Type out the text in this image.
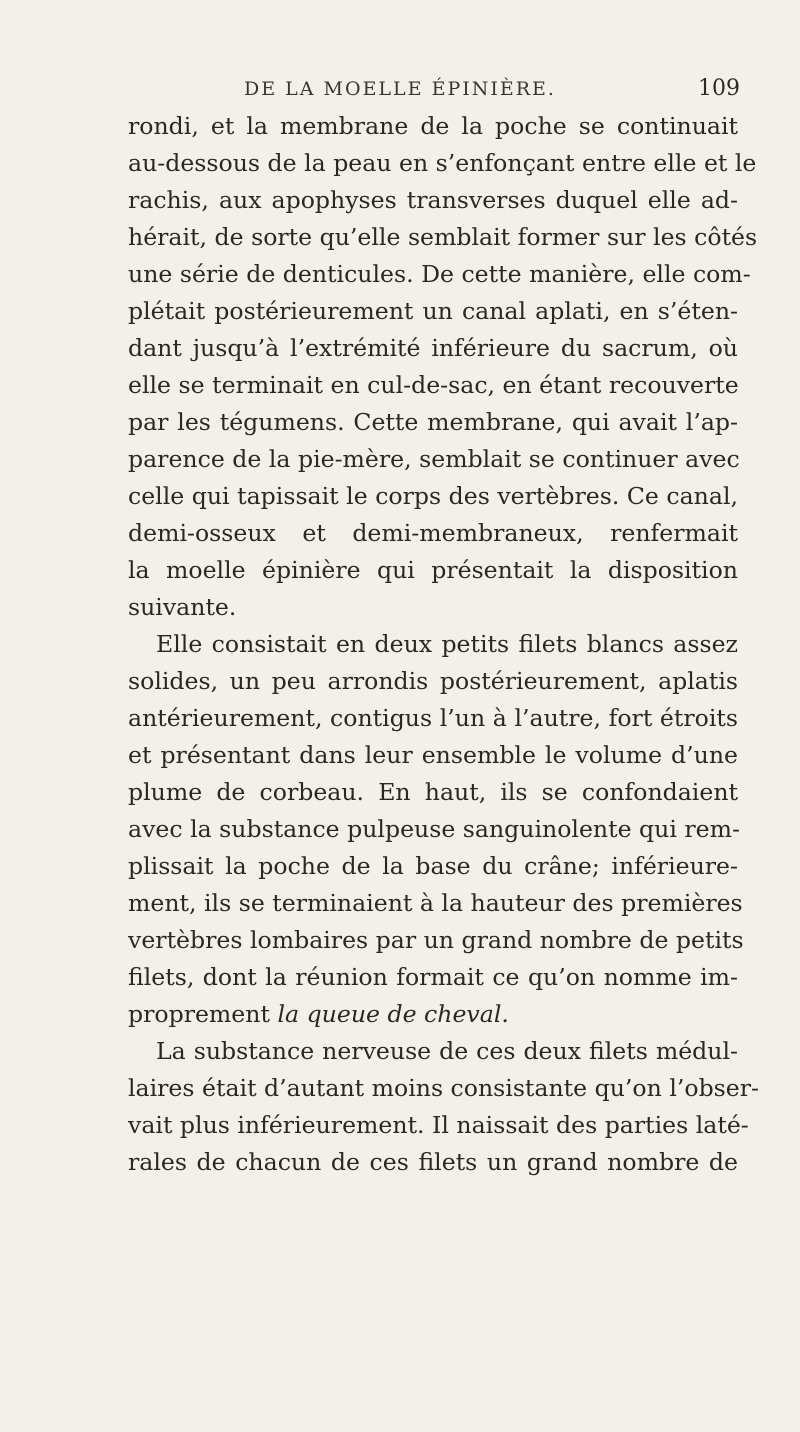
DE LA MOELLE ÉPINIÈRE.	109
rondi, et la membrane de la poche se continuait
au-dessous de la peau en s’enfonçant entre elle et le
rachis, aux apophyses transverses duquel elle ad-
hérait, de sorte qu’elle semblait former sur les côtés
une série de denticules. De cette manière, elle com-
plétait postérieurement un canal aplati, en s’éten-
dant jusqu’à l’extrémité inférieure du sacrum, où
elle se terminait en cul-de-sac, en étant recouverte
par les tégumens. Cette membrane, qui avait l’ap-
parence de la pie-mère, semblait se continuer avec
celle qui tapissait le corps des vertèbres. Ce canal,
demi-osseux et demi-membraneux, renfermait
la moelle épinière qui présentait la disposition
suivante.
Elle consistait en deux petits filets blancs assez
solides, un peu arrondis postérieurement, aplatis
antérieurement, contigus l’un à l’autre, fort étroits
et présentant dans leur ensemble le volume d’une
plume de corbeau. En haut, ils se confondaient
avec la substance pulpeuse sanguinolente qui rem-
plissait la poche de la base du crâne; inférieure-
ment, ils se terminaient à la hauteur des premières
vertèbres lombaires par un grand nombre de petits
filets, dont la réunion formait ce qu’on nomme im-
proprement la queue de cheval.
La substance nerveuse de ces deux filets médul-
laires était d’autant moins consistante qu’on l’obser-
vait plus inférieurement. Il naissait des parties laté-
rales de chacun de ces filets un grand nombre de
